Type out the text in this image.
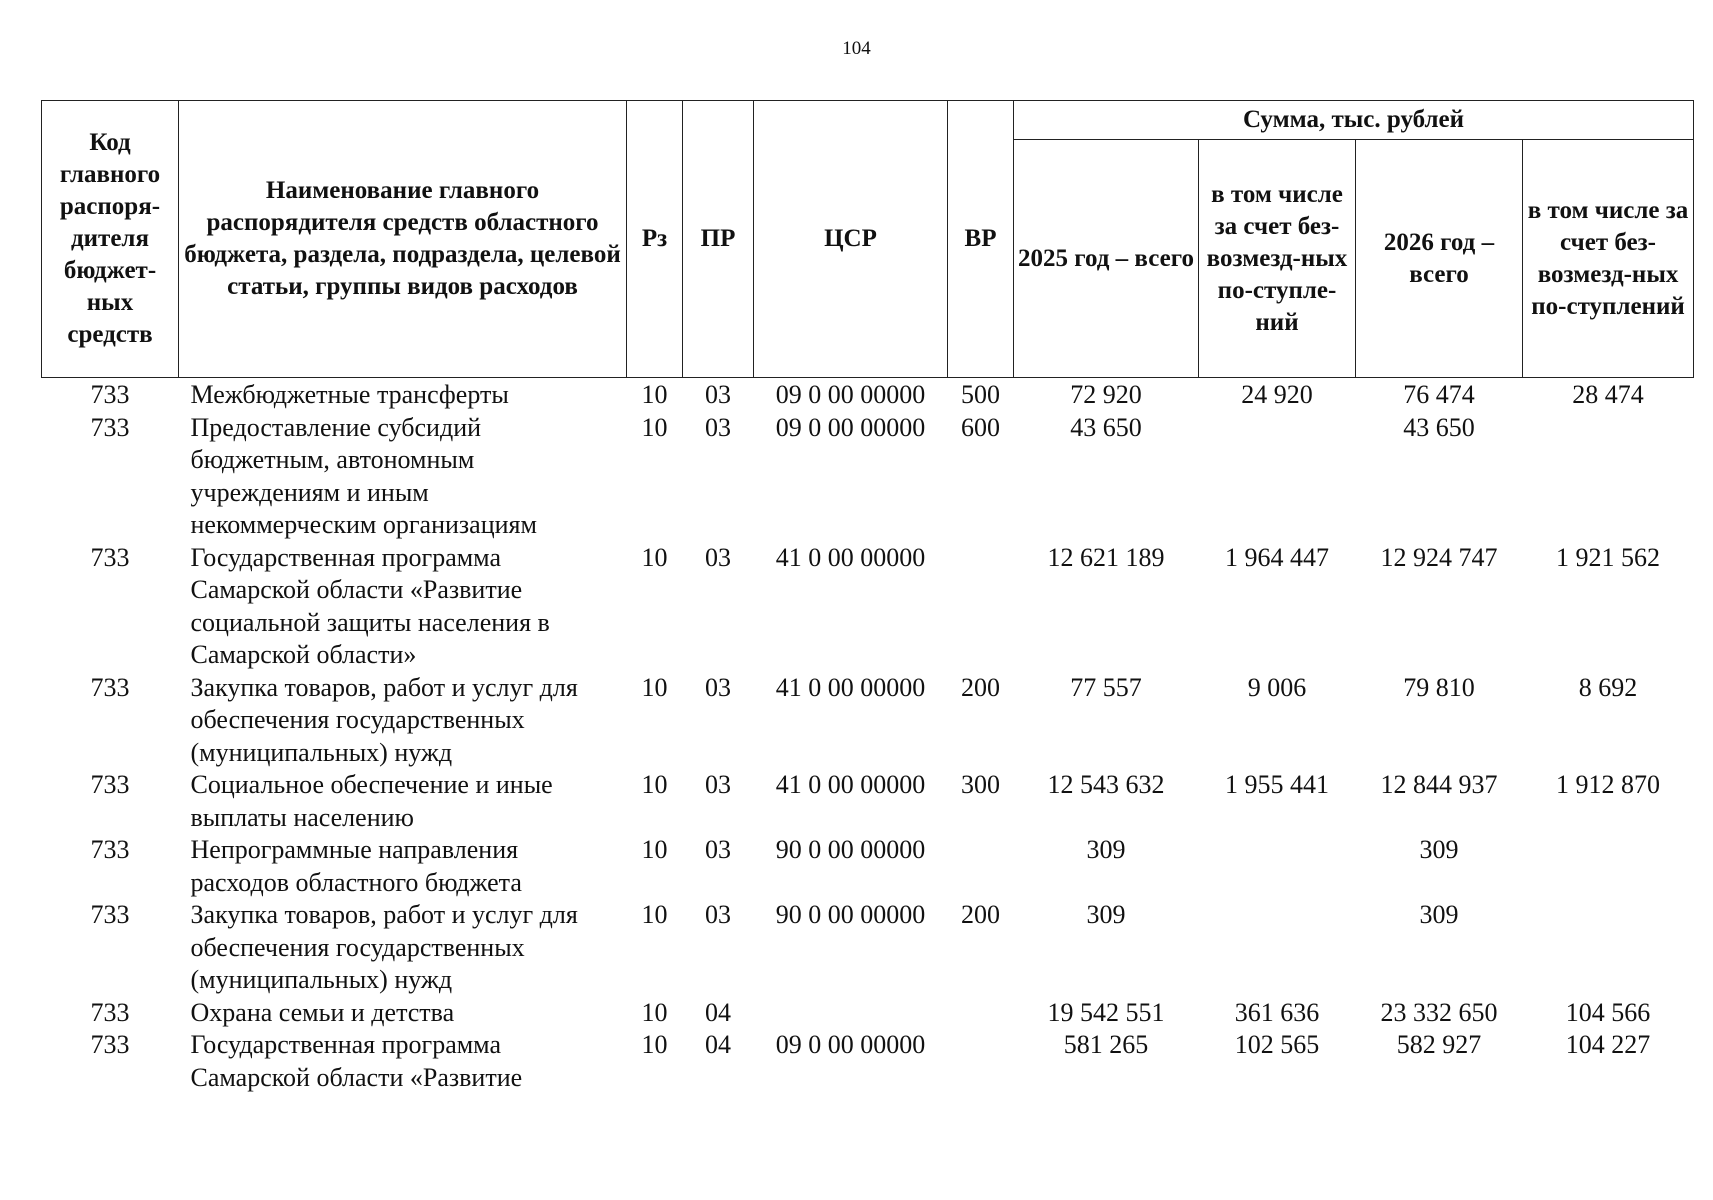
104
Код главного распоря-дителя бюджет-ных средств	Наименование главного распорядителя средств областного бюджета, раздела, подраздела, целевой статьи, группы видов расходов	Рз	ПР	ЦСР	ВР	Сумма, тыс. рублей			
						2025 год – всего	в том числе за счет без-возмезд-ных по-ступле-ний	2026 год – всего	в том числе за счет без-возмезд-ных по-ступлений
733	Межбюджетные трансферты	10	03	09 0 00 00000	500	72 920	24 920	76 474	28 474
733	Предоставление субсидий бюджетным, автономным учреждениям и иным некоммерческим организациям	10	03	09 0 00 00000	600	43 650		43 650	
733	Государственная программа Самарской области «Развитие социальной защиты населения в Самарской области»	10	03	41 0 00 00000		12 621 189	1 964 447	12 924 747	1 921 562
733	Закупка товаров, работ и услуг для обеспечения государственных (муниципальных) нужд	10	03	41 0 00 00000	200	77 557	9 006	79 810	8 692
733	Социальное обеспечение и иные выплаты населению	10	03	41 0 00 00000	300	12 543 632	1 955 441	12 844 937	1 912 870
733	Непрограммные направления расходов областного бюджета	10	03	90 0 00 00000		309		309	
733	Закупка товаров, работ и услуг для обеспечения государственных (муниципальных) нужд	10	03	90 0 00 00000	200	309		309	
733	Охрана семьи и детства	10	04			19 542 551	361 636	23 332 650	104 566
733	Государственная программа Самарской области «Развитие	10	04	09 0 00 00000		581 265	102 565	582 927	104 227
